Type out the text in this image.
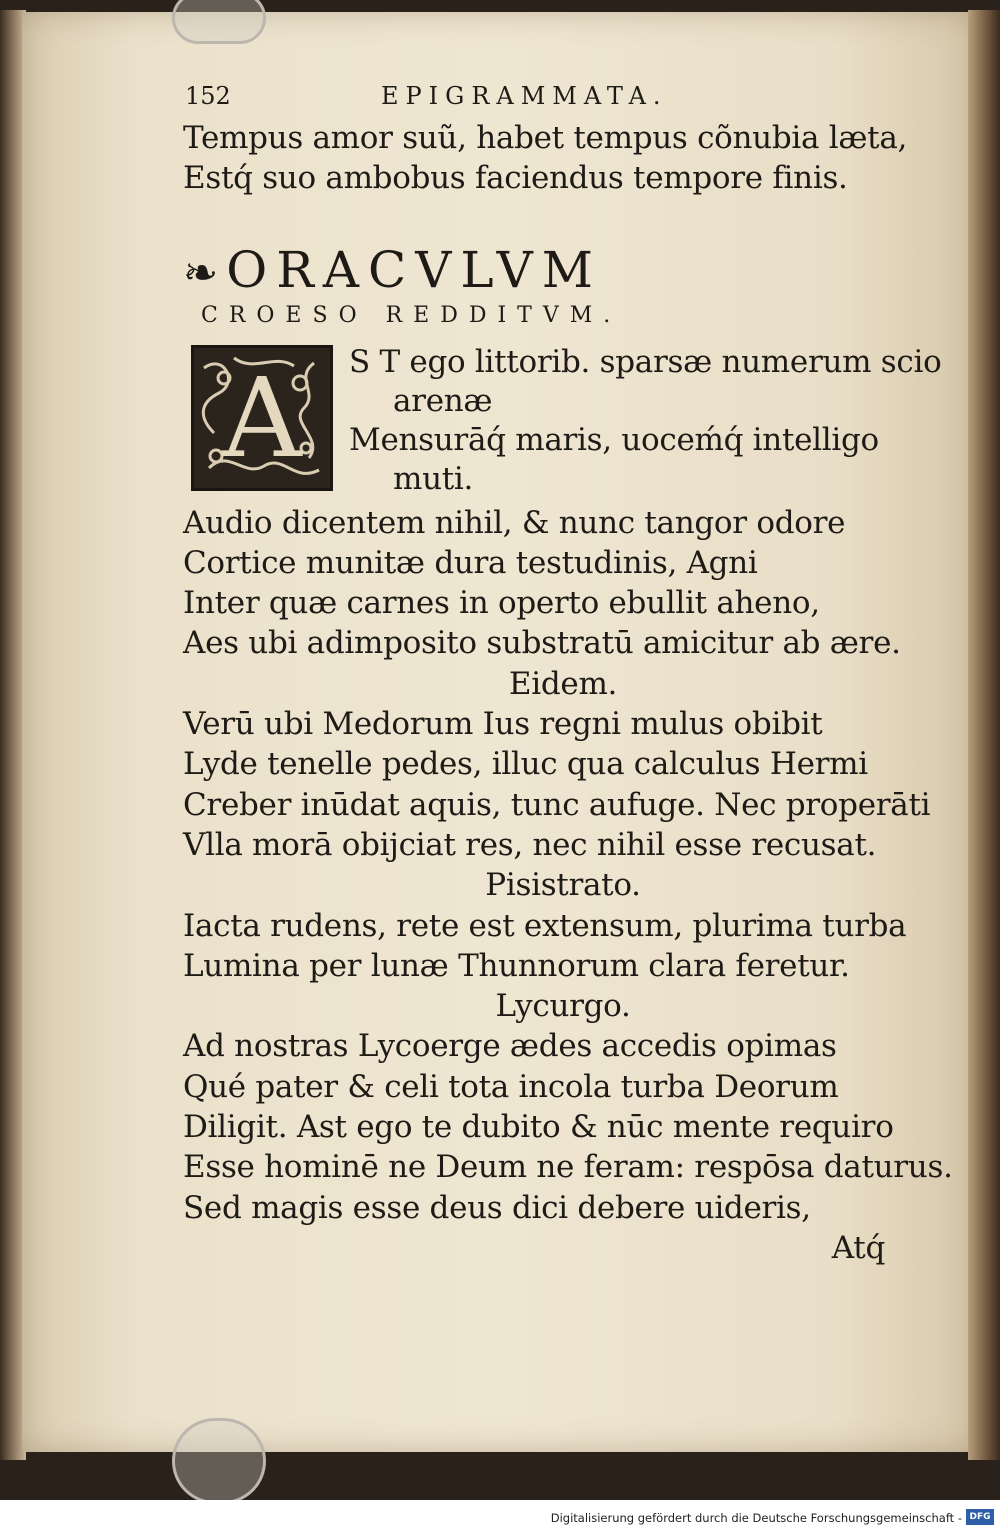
152	EPIGRAMMATA.
Tempus amor suũ, habet tempus cõnubia læta,
Estq́ suo ambobus faciendus tempore finis.
❧ ORACVLVM
CROESO REDDITVM.
A S T ego littorib. sparsæ numerum scio
arenæ
Mensurāq́ maris, uoceḿq́ intelligo
muti.
Audio dicentem nihil, & nunc tangor odore
Cortice munitæ dura testudinis, Agni
Inter quæ carnes in operto ebullit aheno,
Aes ubi adimposito substratū amicitur ab ære.
Eidem.
Verū ubi Medorum Ius regni mulus obibit
Lyde tenelle pedes, illuc qua calculus Hermi
Creber inūdat aquis, tunc aufuge. Nec properāti
Vlla morā obijciat res, nec nihil esse recusat.
Pisistrato.
Iacta rudens, rete est extensum, plurima turba
Lumina per lunæ Thunnorum clara feretur.
Lycurgo.
Ad nostras Lycoerge ædes accedis opimas
Qué pater & celi tota incola turba Deorum
Diligit. Ast ego te dubito & nūc mente requiro
Esse hominē ne Deum ne feram: respōsa daturus.
Sed magis esse deus dici debere uideris,
Atq́
Digitalisierung gefördert durch die Deutsche Forschungsgemeinschaft - DFG
